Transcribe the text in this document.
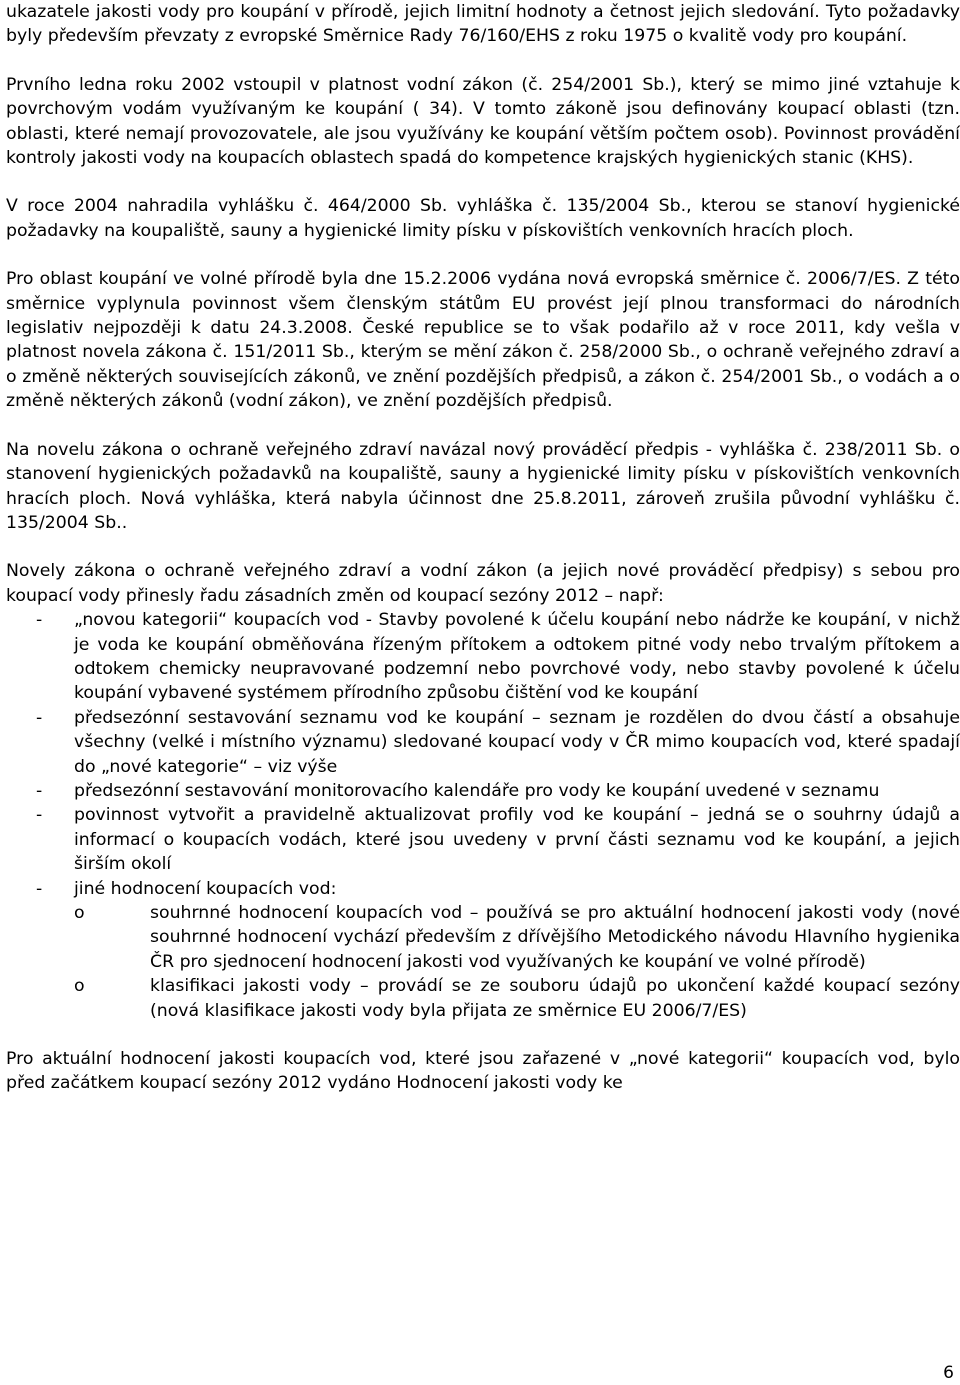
ukazatele jakosti vody pro koupání v přírodě, jejich limitní hodnoty a četnost jejich sledování. Tyto požadavky byly především převzaty z evropské Směrnice Rady 76/160/EHS z roku 1975 o kvalitě vody pro koupání.

Prvního ledna roku 2002 vstoupil v platnost vodní zákon (č. 254/2001 Sb.), který se mimo jiné vztahuje k povrchovým vodám využívaným ke koupání ( 34). V tomto zákoně jsou definovány koupací oblasti (tzn. oblasti, které nemají provozovatele, ale jsou využívány ke koupání větším počtem osob). Povinnost provádění kontroly jakosti vody na koupacích oblastech spadá do kompetence krajských hygienických stanic (KHS).

V roce 2004 nahradila vyhlášku č. 464/2000 Sb. vyhláška č. 135/2004 Sb., kterou se stanoví hygienické požadavky na koupaliště, sauny a hygienické limity písku v pískovištích venkovních hracích ploch.

Pro oblast koupání ve volné přírodě byla dne 15.2.2006 vydána nová evropská směrnice č. 2006/7/ES. Z této směrnice vyplynula povinnost všem členským státům EU provést její plnou transformaci do národních legislativ nejpozději k datu 24.3.2008. České republice se to však podařilo až v roce 2011, kdy vešla v platnost novela zákona č. 151/2011 Sb., kterým se mění zákon č. 258/2000 Sb., o ochraně veřejného zdraví a o změně některých souvisejících zákonů, ve znění pozdějších předpisů, a zákon č. 254/2001 Sb., o vodách a o změně některých zákonů (vodní zákon), ve znění pozdějších předpisů.

Na novelu zákona o ochraně veřejného zdraví navázal nový prováděcí předpis - vyhláška č. 238/2011 Sb. o stanovení hygienických požadavků na koupaliště, sauny a hygienické limity písku v pískovištích venkovních hracích ploch. Nová vyhláška, která nabyla účinnost dne 25.8.2011, zároveň zrušila původní vyhlášku č. 135/2004 Sb..

Novely zákona o ochraně veřejného zdraví a vodní zákon (a jejich nové prováděcí předpisy) s sebou pro koupací vody přinesly řadu zásadních změn od koupací sezóny 2012 – např:

- „novou kategorii“ koupacích vod - Stavby povolené k účelu koupání nebo nádrže ke koupání, v nichž je voda ke koupání obměňována řízeným přítokem a odtokem pitné vody nebo trvalým přítokem a odtokem chemicky neupravované podzemní nebo povrchové vody, nebo stavby povolené k účelu koupání vybavené systémem přírodního způsobu čištění vod ke koupání
- předsezónní sestavování seznamu vod ke koupání – seznam je rozdělen do dvou částí a obsahuje všechny (velké i místního významu) sledované koupací vody v ČR mimo koupacích vod, které spadají do „nové kategorie“ – viz výše
- předsezónní sestavování monitorovacího kalendáře pro vody ke koupání uvedené v seznamu
- povinnost vytvořit a pravidelně aktualizovat profily vod ke koupání – jedná se o souhrny údajů a informací o koupacích vodách, které jsou uvedeny v první části seznamu vod ke koupání, a jejich širším okolí
- jiné hodnocení koupacích vod:
o	souhrnné hodnocení koupacích vod – používá se pro aktuální hodnocení jakosti vody (nové souhrnné hodnocení vychází především z dřívějšího Metodického návodu Hlavního hygienika ČR pro sjednocení hodnocení jakosti vod využívaných ke koupání ve volné přírodě)
o	klasifikaci jakosti vody – provádí se ze souboru údajů po ukončení každé koupací sezóny (nová klasifikace jakosti vody byla přijata ze směrnice EU 2006/7/ES)

Pro aktuální hodnocení jakosti koupacích vod, které jsou zařazené v „nové kategorii“ koupacích vod, bylo před začátkem koupací sezóny 2012 vydáno Hodnocení jakosti vody ke

6
